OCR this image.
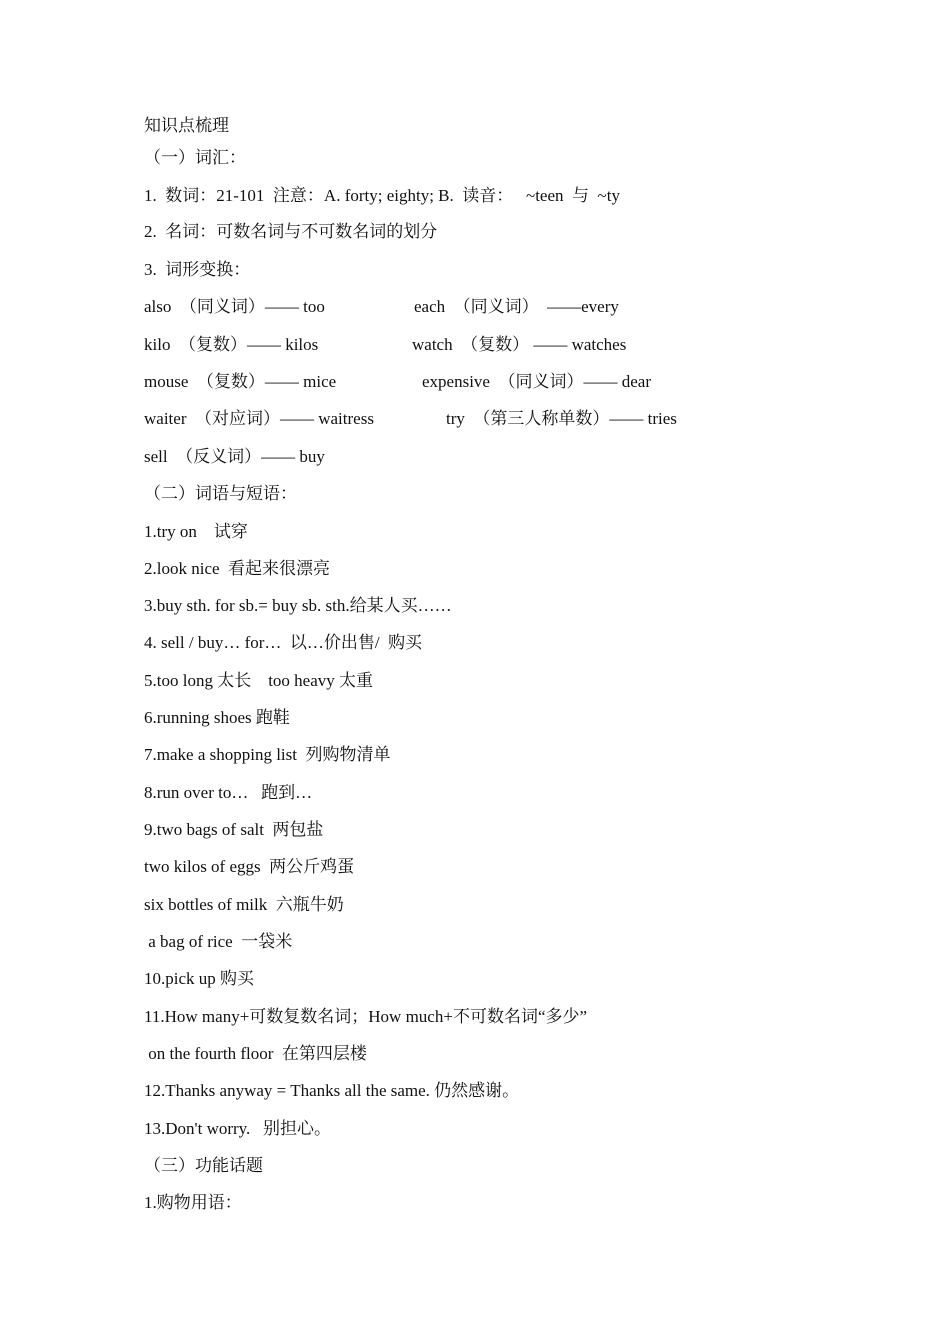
知识点梳理
（一）词汇：
1.  数词：21-101  注意：A. forty; eighty; B.  读音：   ~teen  与  ~ty
2.  名词：可数名词与不可数名词的划分
3.  词形变换：
also  （同义词）—— too	each  （同义词）  ——every
kilo  （复数）—— kilos	watch  （复数） —— watches
mouse  （复数）—— mice	expensive  （同义词）—— dear
waiter  （对应词）—— waitress	try  （第三人称单数）—— tries
sell  （反义词）—— buy
（二）词语与短语：
1.try on    试穿
2.look nice  看起来很漂亮
3.buy sth. for sb.= buy sb. sth.给某人买……
4. sell / buy… for…  以…价出售/  购买
5.too long 太长    too heavy 太重
6.running shoes 跑鞋
7.make a shopping list  列购物清单
8.run over to…   跑到…
9.two bags of salt  两包盐
two kilos of eggs  两公斤鸡蛋
six bottles of milk  六瓶牛奶
a bag of rice  一袋米
10.pick up 购买
11.How many+可数复数名词；How much+不可数名词“多少”
on the fourth floor  在第四层楼
12.Thanks anyway = Thanks all the same. 仍然感谢。
13.Don't worry.   别担心。
（三）功能话题
1.购物用语：
